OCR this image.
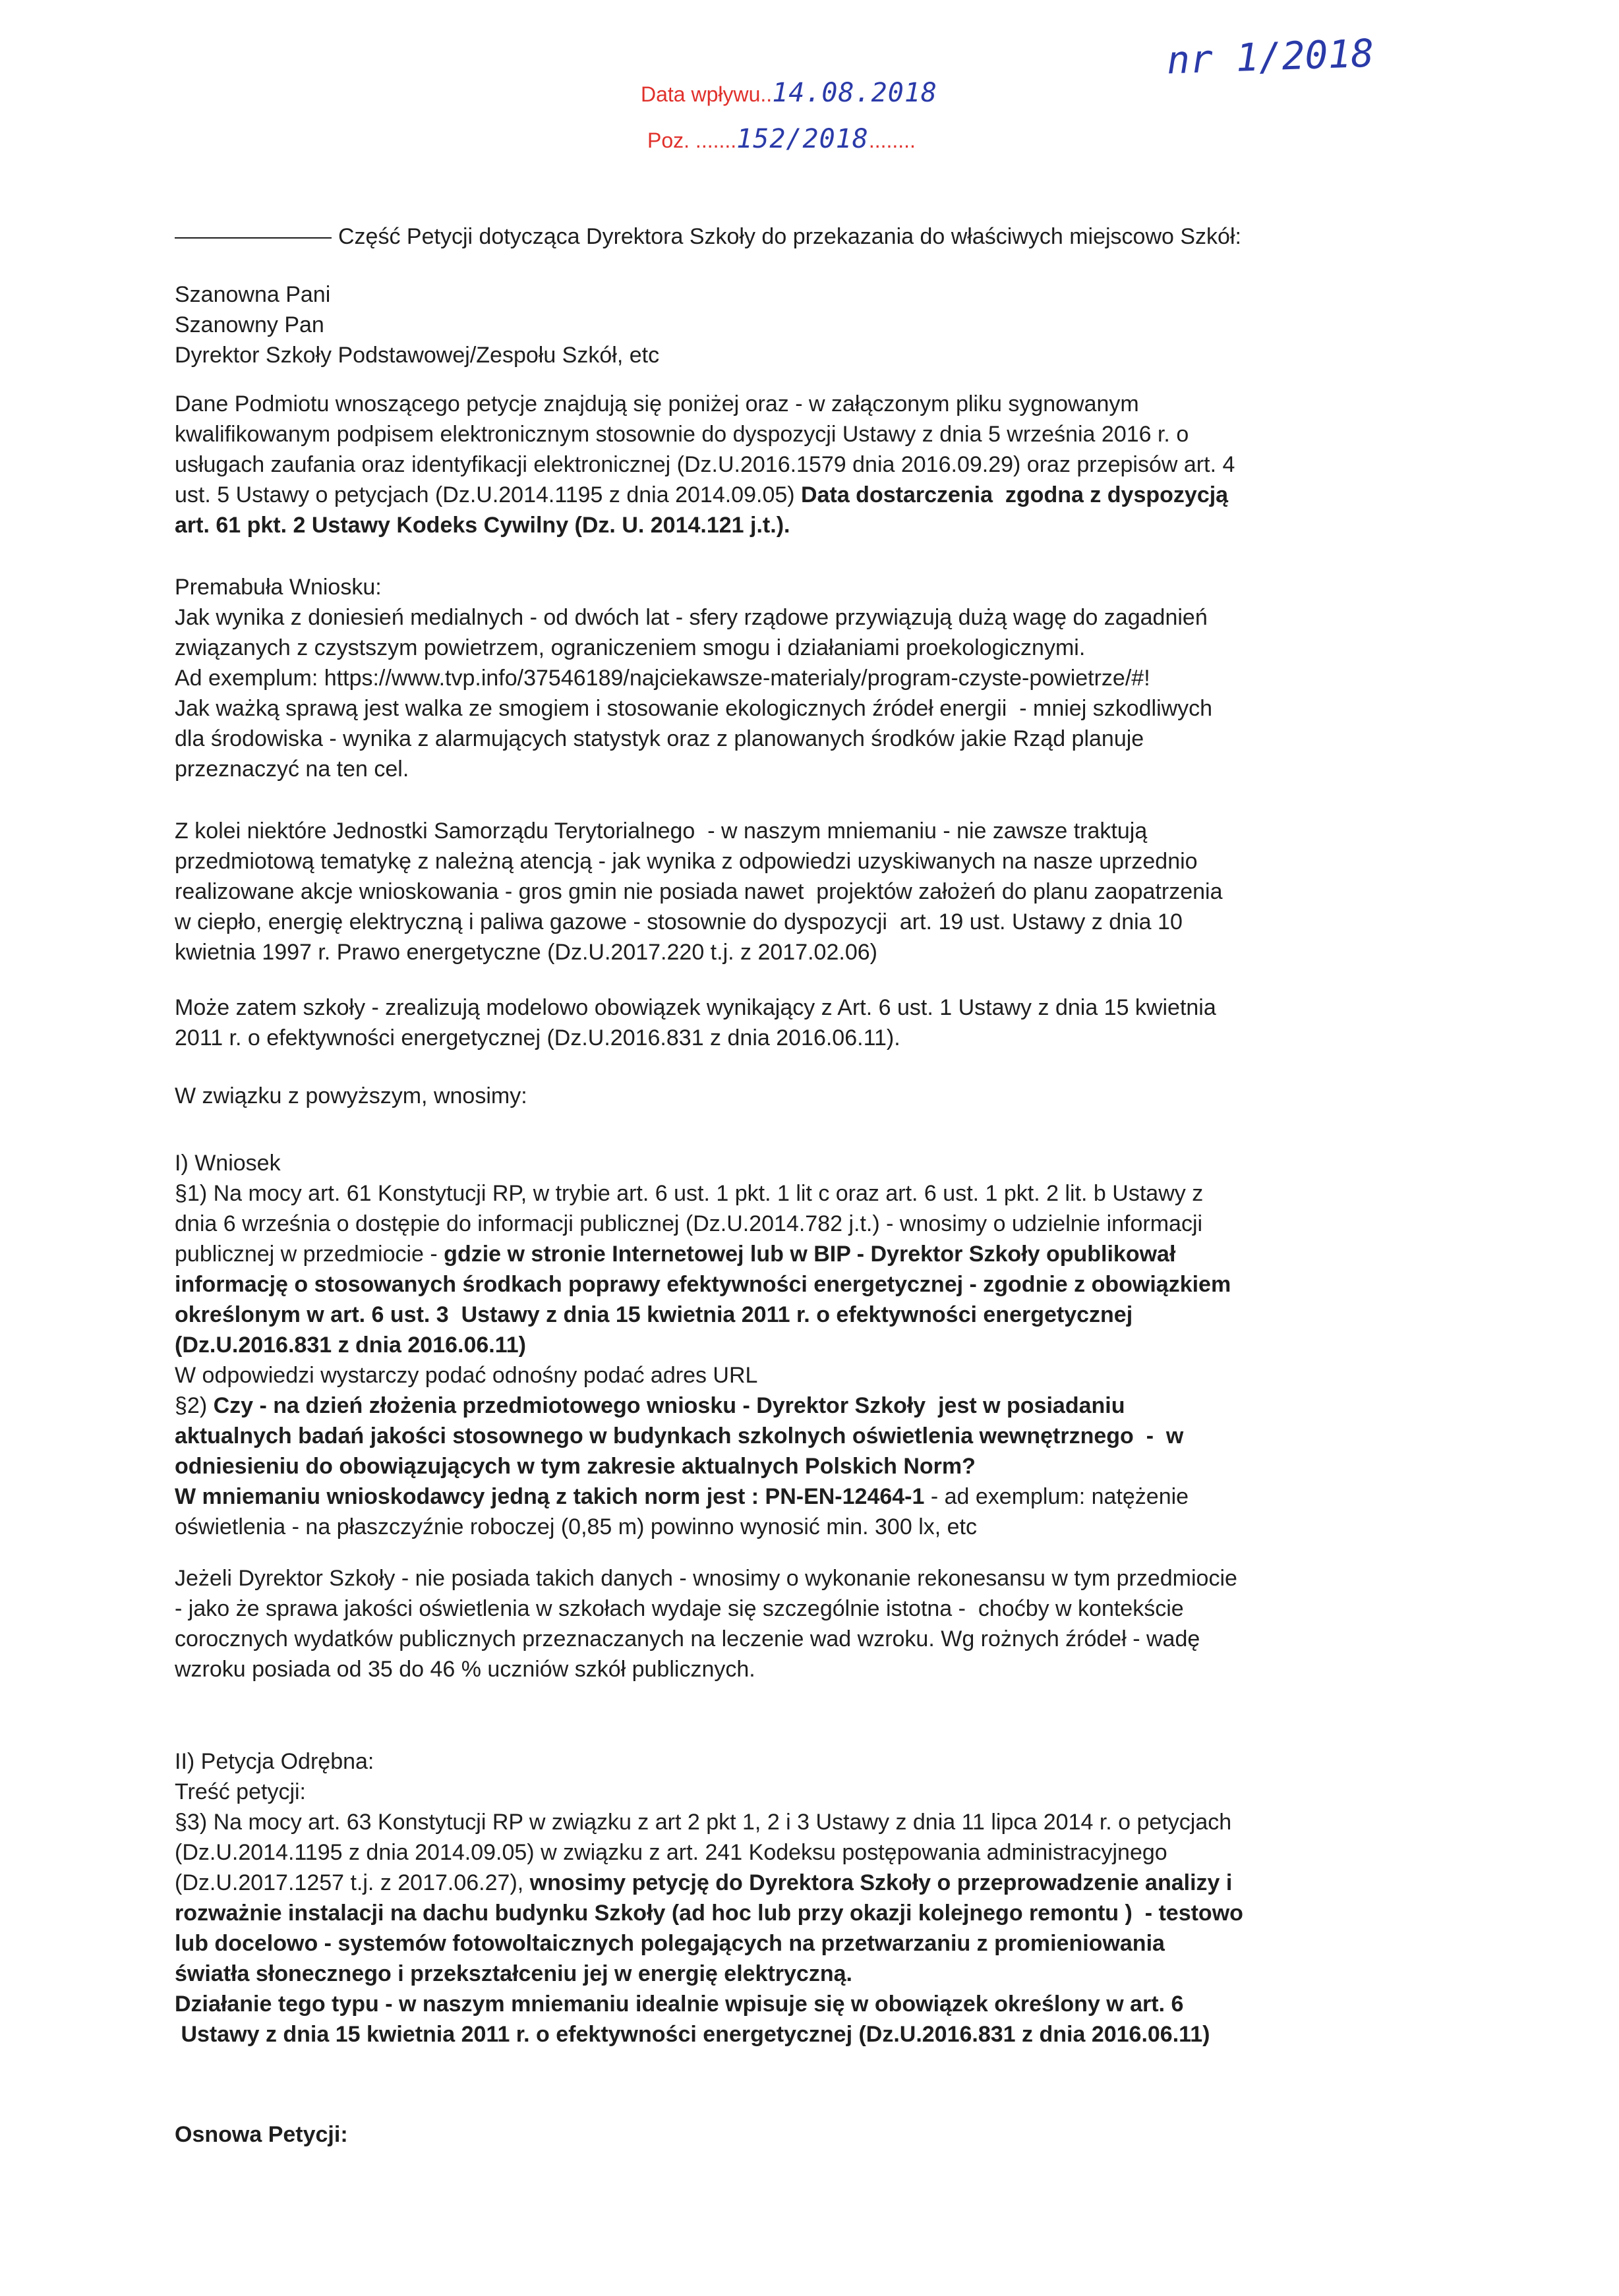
nr 1/2018
Data wpływu..14.08.2018
Poz. .......152/2018........
Część Petycji dotycząca Dyrektora Szkoły do przekazania do właściwych miejscowo Szkół:

Szanowna Pani

Szanowny Pan

Dyrektor Szkoły Podstawowej/Zespołu Szkół, etc

Dane Podmiotu wnoszącego petycje znajdują się poniżej oraz - w załączonym pliku sygnowanym

kwalifikowanym podpisem elektronicznym stosownie do dyspozycji Ustawy z dnia 5 września 2016 r. o

usługach zaufania oraz identyfikacji elektronicznej (Dz.U.2016.1579 dnia 2016.09.29) oraz przepisów art. 4

ust. 5 Ustawy o petycjach (Dz.U.2014.1195 z dnia 2014.09.05) Data dostarczenia  zgodna z dyspozycją

art. 61 pkt. 2 Ustawy Kodeks Cywilny (Dz. U. 2014.121 j.t.).

Premabuła Wniosku:

Jak wynika z doniesień medialnych - od dwóch lat - sfery rządowe przywiązują dużą wagę do zagadnień

związanych z czystszym powietrzem, ograniczeniem smogu i działaniami proekologicznymi.

Ad exemplum: https://www.tvp.info/37546189/najciekawsze-materialy/program-czyste-powietrze/#!

Jak ważką sprawą jest walka ze smogiem i stosowanie ekologicznych źródeł energii  - mniej szkodliwych

dla środowiska - wynika z alarmujących statystyk oraz z planowanych środków jakie Rząd planuje

przeznaczyć na ten cel.

Z kolei niektóre Jednostki Samorządu Terytorialnego  - w naszym mniemaniu - nie zawsze traktują

przedmiotową tematykę z należną atencją - jak wynika z odpowiedzi uzyskiwanych na nasze uprzednio

realizowane akcje wnioskowania - gros gmin nie posiada nawet  projektów założeń do planu zaopatrzenia

w ciepło, energię elektryczną i paliwa gazowe - stosownie do dyspozycji  art. 19 ust. Ustawy z dnia 10

kwietnia 1997 r. Prawo energetyczne (Dz.U.2017.220 t.j. z 2017.02.06)

Może zatem szkoły - zrealizują modelowo obowiązek wynikający z Art. 6 ust. 1 Ustawy z dnia 15 kwietnia

2011 r. o efektywności energetycznej (Dz.U.2016.831 z dnia 2016.06.11).

W związku z powyższym, wnosimy:

I) Wniosek

§1) Na mocy art. 61 Konstytucji RP, w trybie art. 6 ust. 1 pkt. 1 lit c oraz art. 6 ust. 1 pkt. 2 lit. b Ustawy z

dnia 6 września o dostępie do informacji publicznej (Dz.U.2014.782 j.t.) - wnosimy o udzielnie informacji

publicznej w przedmiocie - gdzie w stronie Internetowej lub w BIP - Dyrektor Szkoły opublikował

informację o stosowanych środkach poprawy efektywności energetycznej - zgodnie z obowiązkiem

określonym w art. 6 ust. 3  Ustawy z dnia 15 kwietnia 2011 r. o efektywności energetycznej

(Dz.U.2016.831 z dnia 2016.06.11)

W odpowiedzi wystarczy podać odnośny podać adres URL

§2) Czy - na dzień złożenia przedmiotowego wniosku - Dyrektor Szkoły  jest w posiadaniu

aktualnych badań jakości stosownego w budynkach szkolnych oświetlenia wewnętrznego  -  w

odniesieniu do obowiązujących w tym zakresie aktualnych Polskich Norm?

W mniemaniu wnioskodawcy jedną z takich norm jest : PN-EN-12464-1 - ad exemplum: natężenie

oświetlenia - na płaszczyźnie roboczej (0,85 m) powinno wynosić min. 300 lx, etc

Jeżeli Dyrektor Szkoły - nie posiada takich danych - wnosimy o wykonanie rekonesansu w tym przedmiocie

- jako że sprawa jakości oświetlenia w szkołach wydaje się szczególnie istotna -  choćby w kontekście

corocznych wydatków publicznych przeznaczanych na leczenie wad wzroku. Wg rożnych źródeł - wadę

wzroku posiada od 35 do 46 % uczniów szkół publicznych.

II) Petycja Odrębna:

Treść petycji:

§3) Na mocy art. 63 Konstytucji RP w związku z art 2 pkt 1, 2 i 3 Ustawy z dnia 11 lipca 2014 r. o petycjach

(Dz.U.2014.1195 z dnia 2014.09.05) w związku z art. 241 Kodeksu postępowania administracyjnego

(Dz.U.2017.1257 t.j. z 2017.06.27), wnosimy petycję do Dyrektora Szkoły o przeprowadzenie analizy i

rozważnie instalacji na dachu budynku Szkoły (ad hoc lub przy okazji kolejnego remontu )  - testowo

lub docelowo - systemów fotowoltaicznych polegających na przetwarzaniu z promieniowania

światła słonecznego i przekształceniu jej w energię elektryczną.

Działanie tego typu - w naszym mniemaniu idealnie wpisuje się w obowiązek określony w art. 6

Ustawy z dnia 15 kwietnia 2011 r. o efektywności energetycznej (Dz.U.2016.831 z dnia 2016.06.11)

Osnowa Petycji:
